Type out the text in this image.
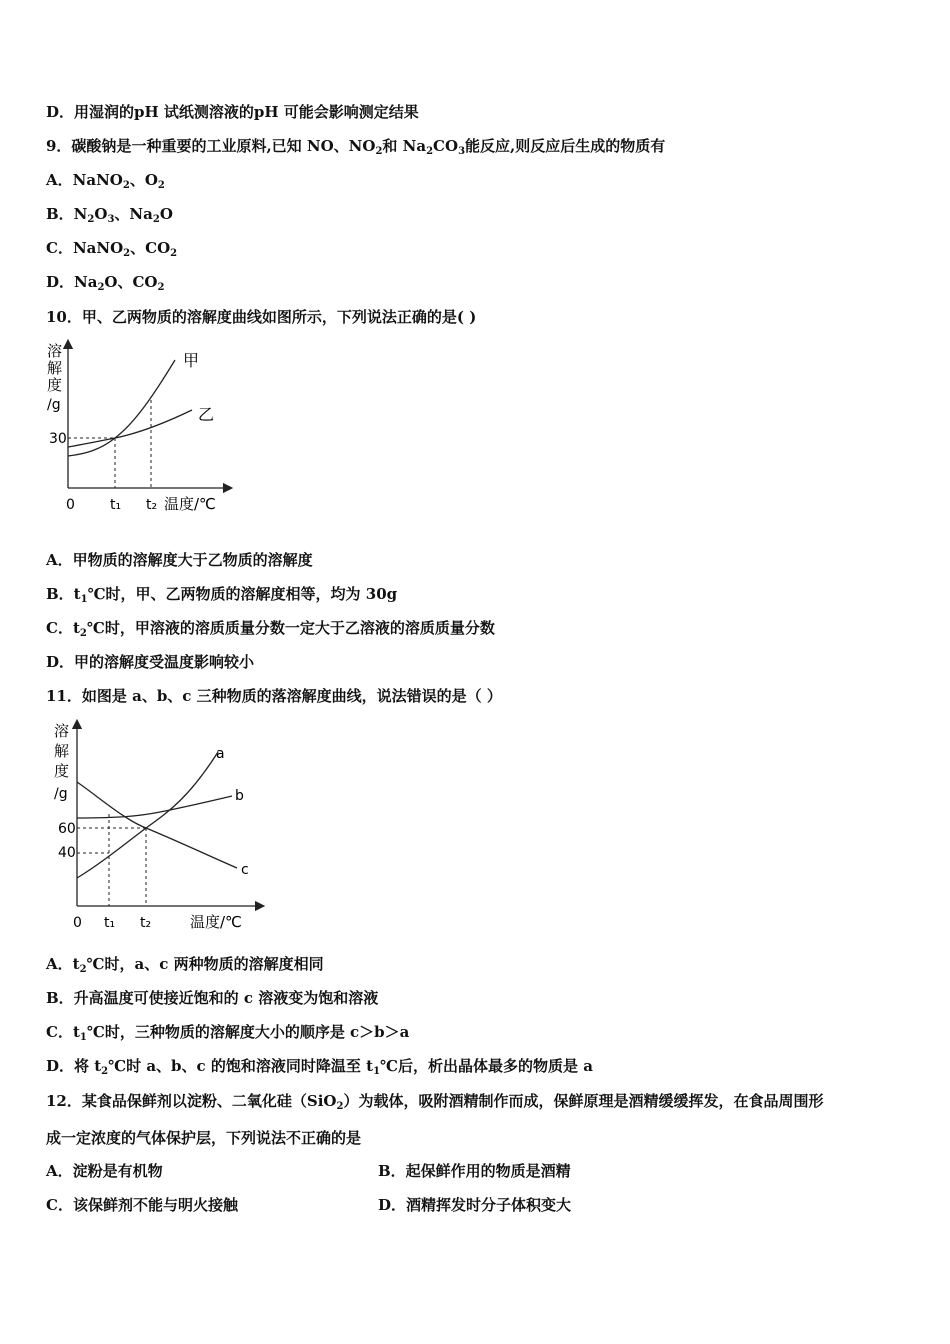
D．用湿润的pH 试纸测溶液的pH 可能会影响测定结果
9．碳酸钠是一种重要的工业原料,已知 NO、$NO_2$和 $Na_2CO_3$能反应,则反应后生成的物质有
A．NaNO$_2$、$O_2$
B．$N_2O_3$、$Na_2O$
C．NaNO$_2$、$CO_2$
D．$Na_2O$、$CO_2$
10．甲、乙两物质的溶解度曲线如图所示，下列说法正确的是( )
溶
解
度
/g
30
0	t₁ t₂ 温度/℃
甲
乙
A．甲物质的溶解度大于乙物质的溶解度
B．$t_1℃$时，甲、乙两物质的溶解度相等，均为 30g
C．$t_2℃$时，甲溶液的溶质质量分数一定大于乙溶液的溶质质量分数
D．甲的溶解度受温度影响较小
11．如图是 a、b、c 三种物质的落溶解度曲线，说法错误的是（ ）
溶
解
度
/g
60
40
0 t₁ t₂	温度/℃
a
b
c
A．$t_2℃$时，a、c 两种物质的溶解度相同
B．升高温度可使接近饱和的 c 溶液变为饱和溶液
C．$t_1℃$时，三种物质的溶解度大小的顺序是 c＞b＞a
D．将 $t_2℃$时 a、b、c 的饱和溶液同时降温至 $t_1℃$后，析出晶体最多的物质是 a
12．某食品保鲜剂以淀粉、二氧化硅（SiO$_2$）为载体，吸附酒精制作而成，保鲜原理是酒精缓缓挥发，在食品周围形
成一定浓度的气体保护层，下列说法不正确的是
A．淀粉是有机物	B．起保鲜作用的物质是酒精
C．该保鲜剂不能与明火接触	D．酒精挥发时分子体积变大
